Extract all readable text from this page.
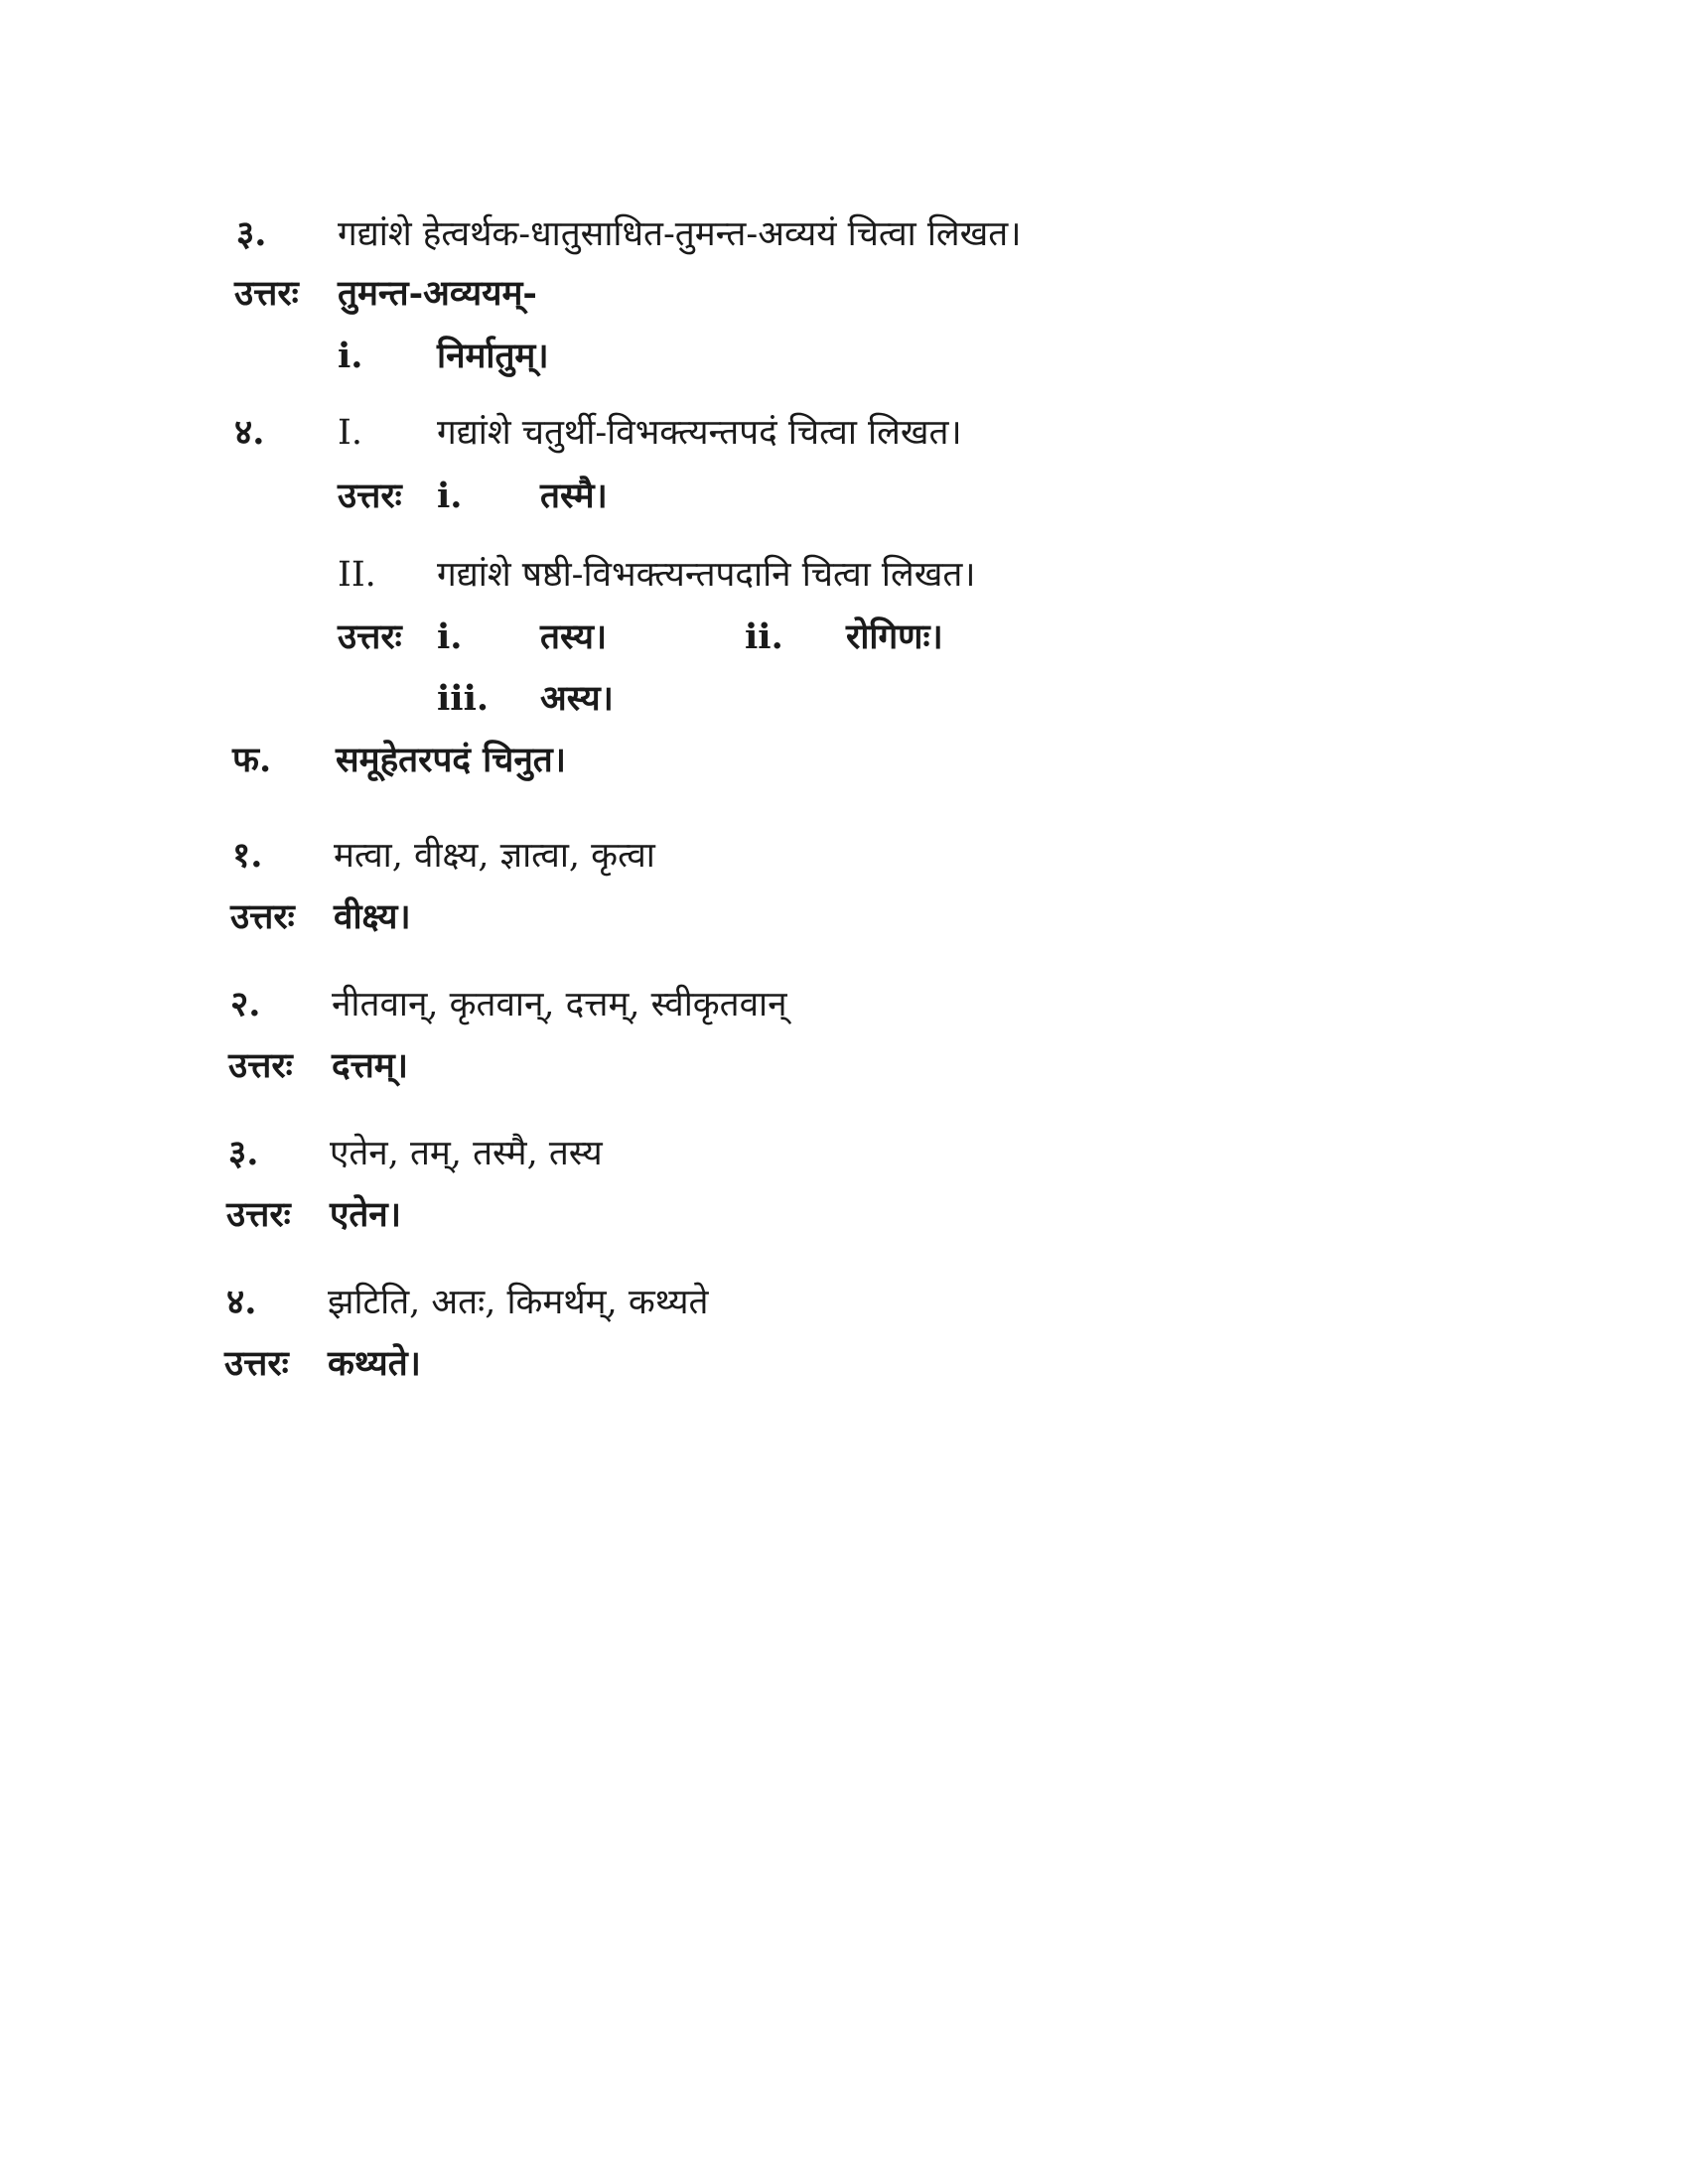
३. गद्यांशे हेत्वर्थक-धातुसाधित-तुमन्त-अव्ययं चित्वा लिखत।
उत्तरः तुमन्त-अव्ययम्-
i. निर्मातुम्।
४. I. गद्यांशे चतुर्थी-विभक्त्यन्तपदं चित्वा लिखत।
उत्तरः i. तस्मै।
II. गद्यांशे षष्ठी-विभक्त्यन्तपदानि चित्वा लिखत।
उत्तरः i. तस्य।	ii. रोगिणः।
iii. अस्य।
फ. समूहेतरपदं चिनुत।
१. मत्वा, वीक्ष्य, ज्ञात्वा, कृत्वा
उत्तरः वीक्ष्य।
२. नीतवान्, कृतवान्, दत्तम्, स्वीकृतवान्
उत्तरः दत्तम्।
३. एतेन, तम्, तस्मै, तस्य
उत्तरः एतेन।
४. झटिति, अतः, किमर्थम्, कथ्यते
उत्तरः कथ्यते।
